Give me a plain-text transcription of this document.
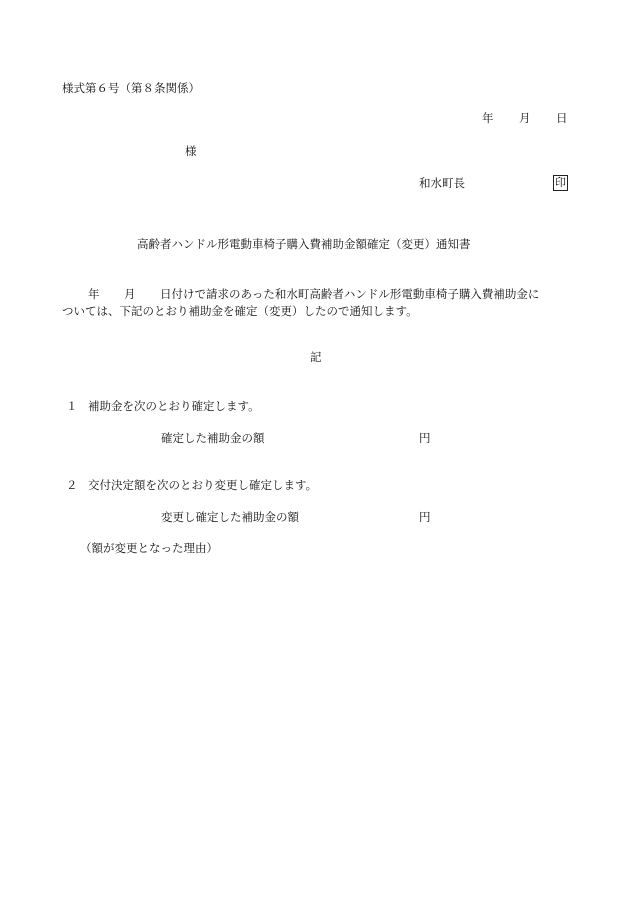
様式第６号（第８条関係）
年 月 日
様
和水町長	印
高齢者ハンドル形電動車椅子購入費補助金額確定（変更）通知書
年 月 日付けで請求のあった和水町高齢者ハンドル形電動車椅子購入費補助金に
ついては、下記のとおり補助金を確定（変更）したので通知します。
記
１ 補助金を次のとおり確定します。
確定した補助金の額	円
２ 交付決定額を次のとおり変更し確定します。
変更し確定した補助金の額	円
（額が変更となった理由）
